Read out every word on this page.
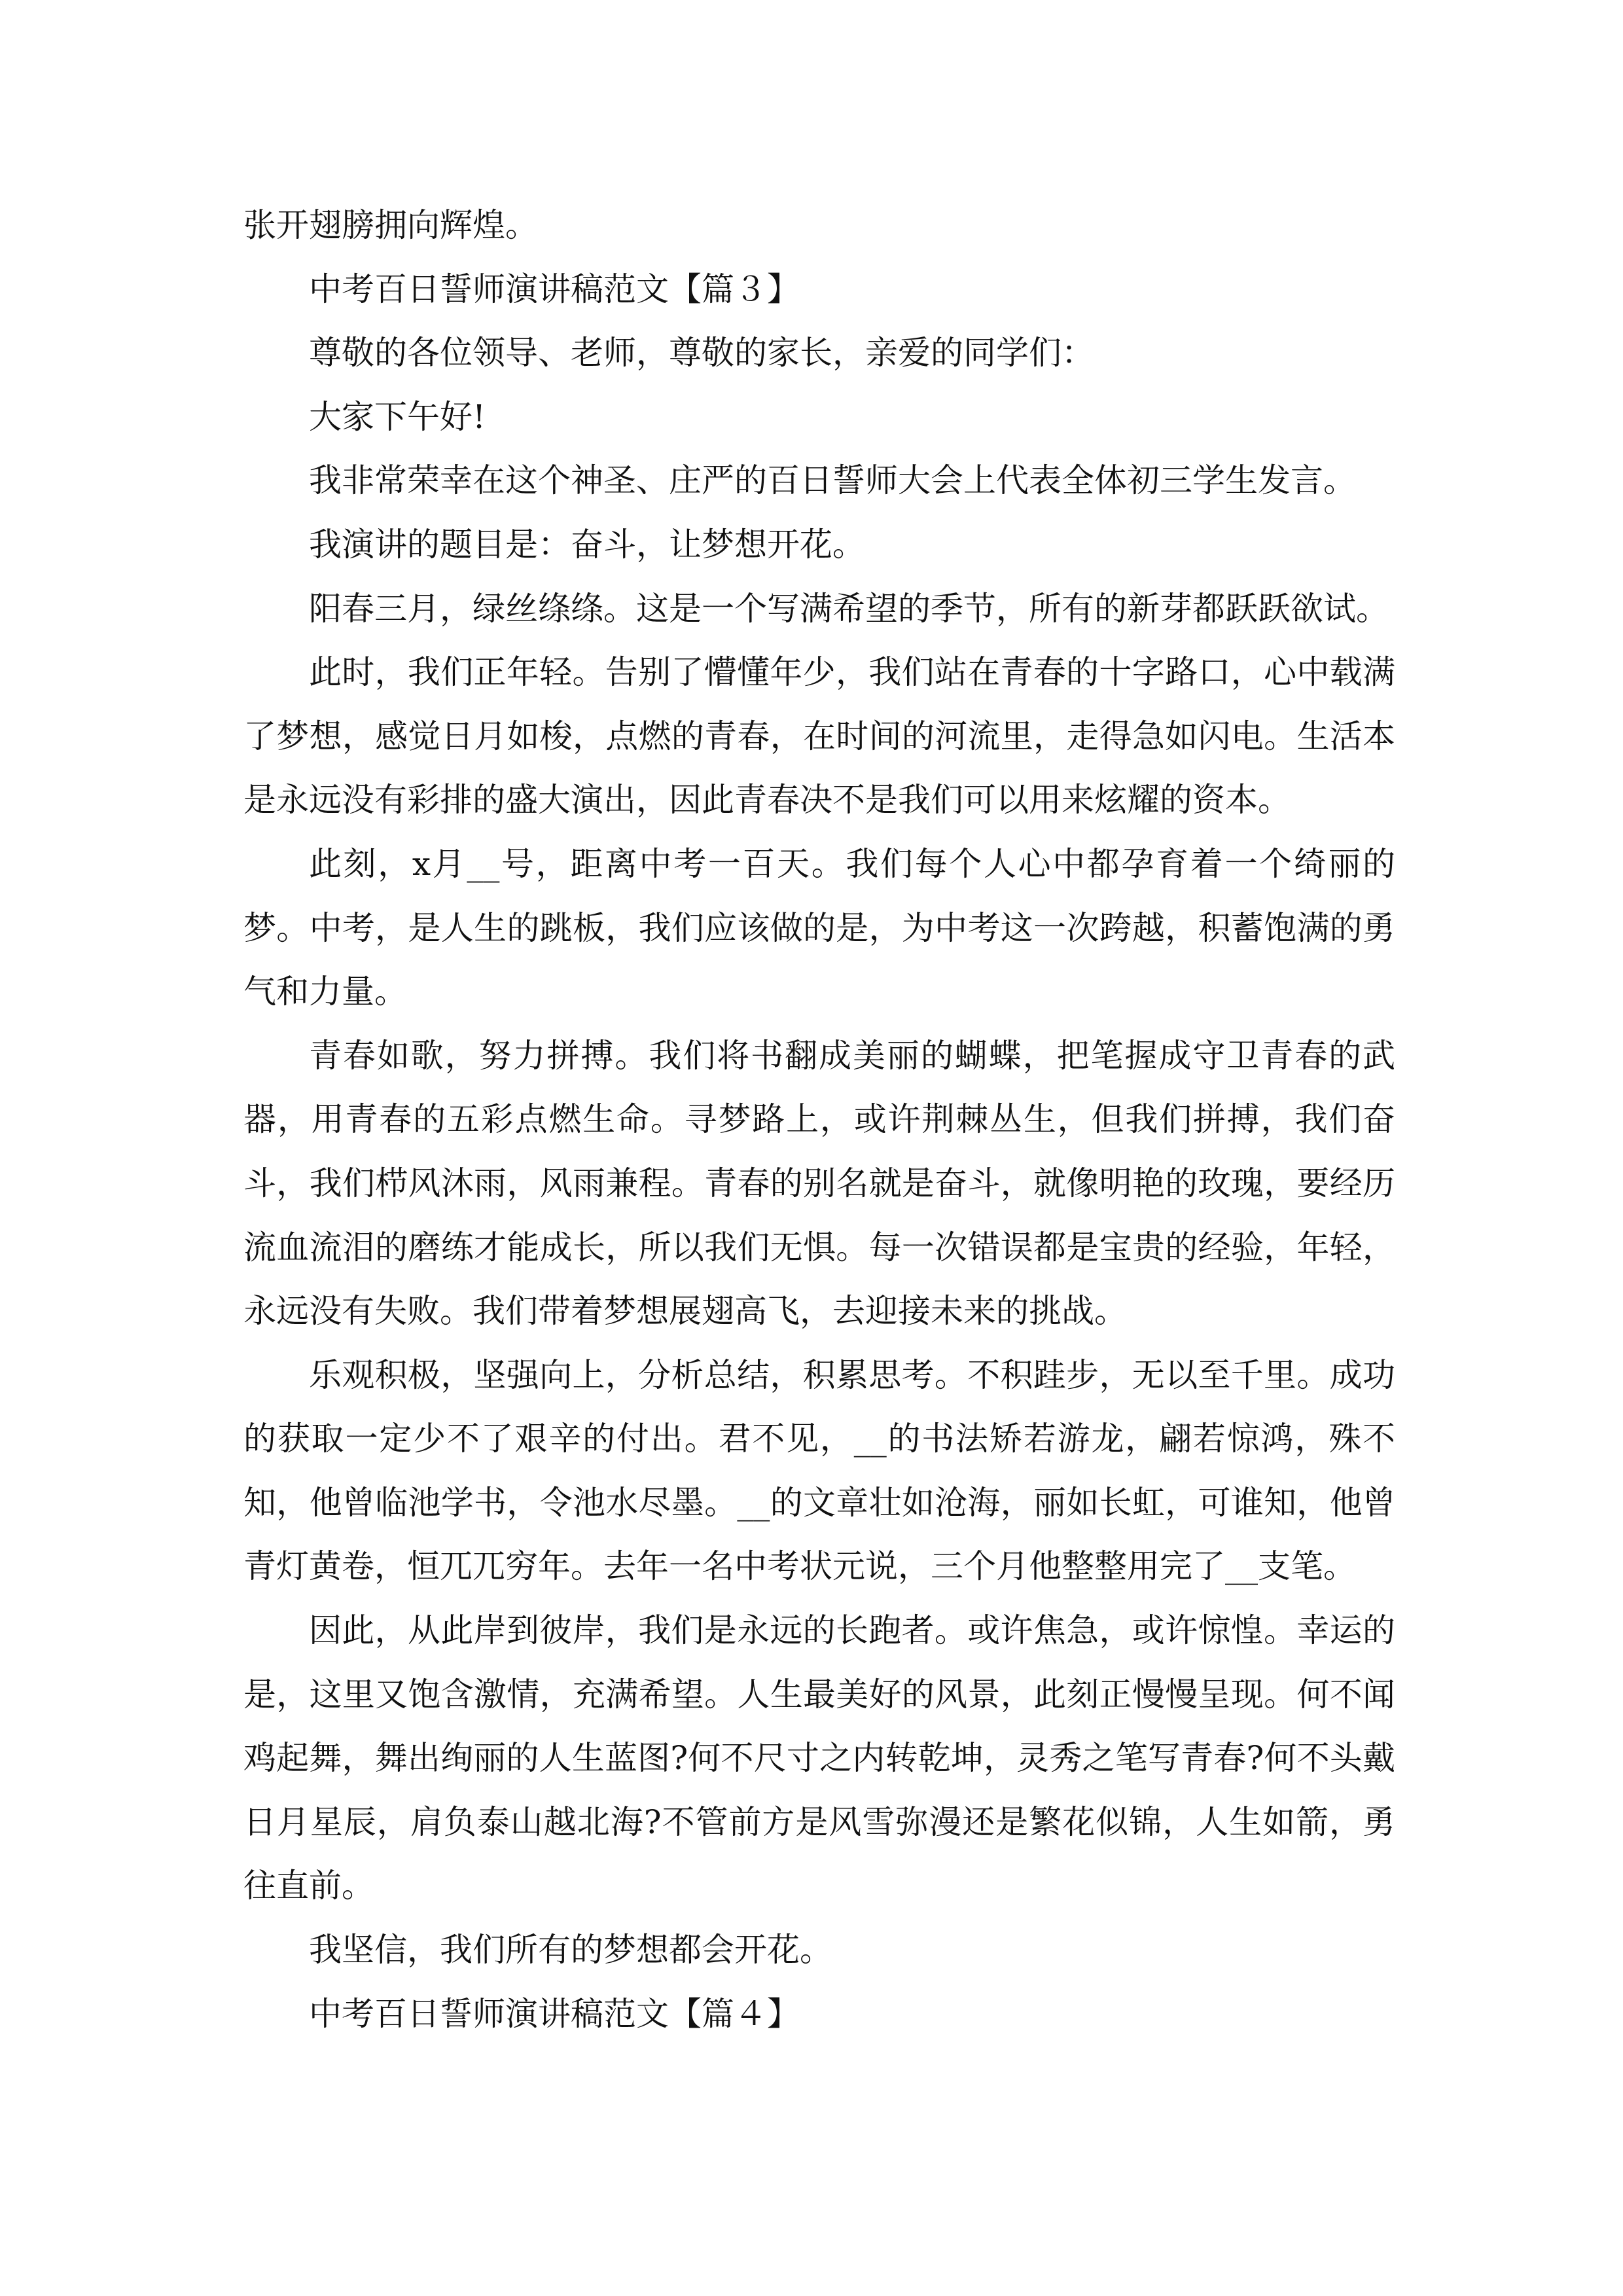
张开翅膀拥向辉煌。

中考百日誓师演讲稿范文【篇３】

尊敬的各位领导、老师，尊敬的家长，亲爱的同学们：

大家下午好!

我非常荣幸在这个神圣、庄严的百日誓师大会上代表全体初三学生发言。

我演讲的题目是：奋斗，让梦想开花。

阳春三月，绿丝绦绦。这是一个写满希望的季节，所有的新芽都跃跃欲试。

此时，我们正年轻。告别了懵懂年少，我们站在青春的十字路口，心中载满了梦想，感觉日月如梭，点燃的青春，在时间的河流里，走得急如闪电。生活本是永远没有彩排的盛大演出，因此青春决不是我们可以用来炫耀的资本。

此刻，x月__号，距离中考一百天。我们每个人心中都孕育着一个绮丽的梦。中考，是人生的跳板，我们应该做的是，为中考这一次跨越，积蓄饱满的勇气和力量。

青春如歌，努力拼搏。我们将书翻成美丽的蝴蝶，把笔握成守卫青春的武器，用青春的五彩点燃生命。寻梦路上，或许荆棘丛生，但我们拼搏，我们奋斗，我们栉风沐雨，风雨兼程。青春的别名就是奋斗，就像明艳的玫瑰，要经历流血流泪的磨练才能成长，所以我们无惧。每一次错误都是宝贵的经验，年轻，永远没有失败。我们带着梦想展翅高飞，去迎接未来的挑战。

乐观积极，坚强向上，分析总结，积累思考。不积跬步，无以至千里。成功的获取一定少不了艰辛的付出。君不见，__的书法矫若游龙，翩若惊鸿，殊不知，他曾临池学书，令池水尽墨。__的文章壮如沧海，丽如长虹，可谁知，他曾青灯黄卷，恒兀兀穷年。去年一名中考状元说，三个月他整整用完了__支笔。

因此，从此岸到彼岸，我们是永远的长跑者。或许焦急，或许惊惶。幸运的是，这里又饱含激情，充满希望。人生最美好的风景，此刻正慢慢呈现。何不闻鸡起舞，舞出绚丽的人生蓝图?何不尺寸之内转乾坤，灵秀之笔写青春?何不头戴日月星辰，肩负泰山越北海?不管前方是风雪弥漫还是繁花似锦，人生如箭，勇往直前。

我坚信，我们所有的梦想都会开花。

中考百日誓师演讲稿范文【篇４】
